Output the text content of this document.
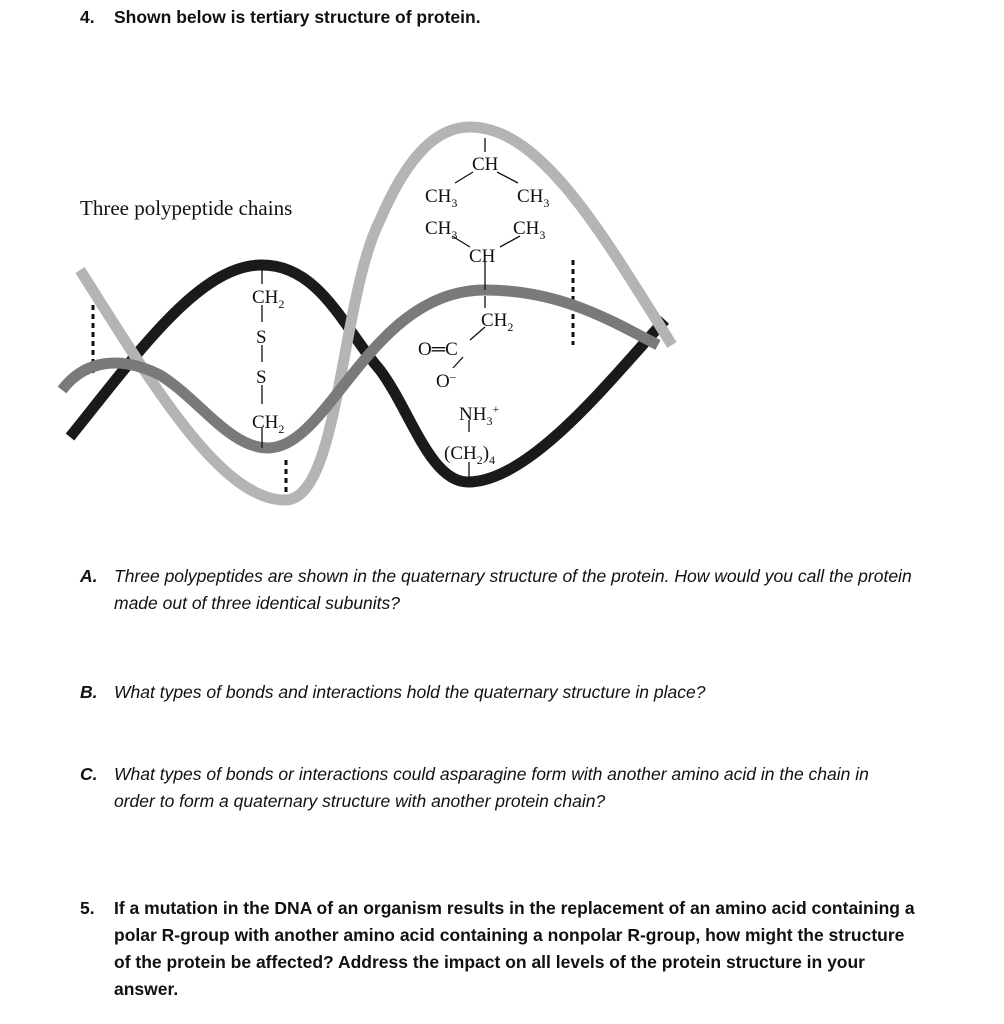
4. Shown below is tertiary structure of protein.
Three polypeptide chains
CH
$CH_3$	$CH_3$
$CH_3$	$CH_3$
CH
$CH_2$
S
S
$CH_2$
$CH_2$
O═C
O–
$NH_3^+$
$(CH_2)_4$
A. Three polypeptides are shown in the quaternary structure of the protein. How would you call the protein made out of three identical subunits?
B. What types of bonds and interactions hold the quaternary structure in place?
C. What types of bonds or interactions could asparagine form with another amino acid in the chain in order to form a quaternary structure with another protein chain?
5. If a mutation in the DNA of an organism results in the replacement of an amino acid containing a polar R-group with another amino acid containing a nonpolar R-group, how might the structure of the protein be affected? Address the impact on all levels of the protein structure in your answer.
